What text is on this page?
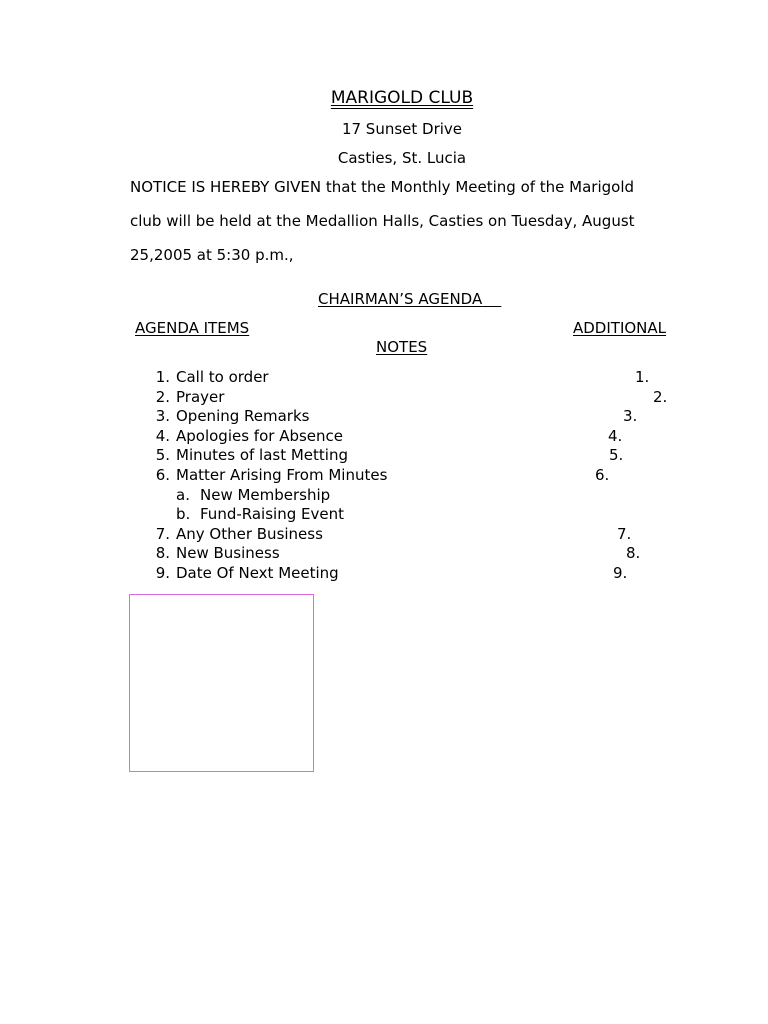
MARIGOLD CLUB
17 Sunset Drive
Casties, St. Lucia
NOTICE IS HEREBY GIVEN that the Monthly Meeting of the Marigold
club will be held at the Medallion Halls, Casties on Tuesday, August
25,2005 at 5:30 p.m.,
CHAIRMAN’S AGENDA
AGENDA ITEMS	ADDITIONAL
NOTES
1. Call to order	1.
2. Prayer	2.
3. Opening Remarks	3.
4. Apologies for Absence	4.
5. Minutes of last Metting	5.
6. Matter Arising From Minutes	6.
a. New Membership
b. Fund-Raising Event
7. Any Other Business	7.
8. New Business	8.
9. Date Of Next Meeting	9.
